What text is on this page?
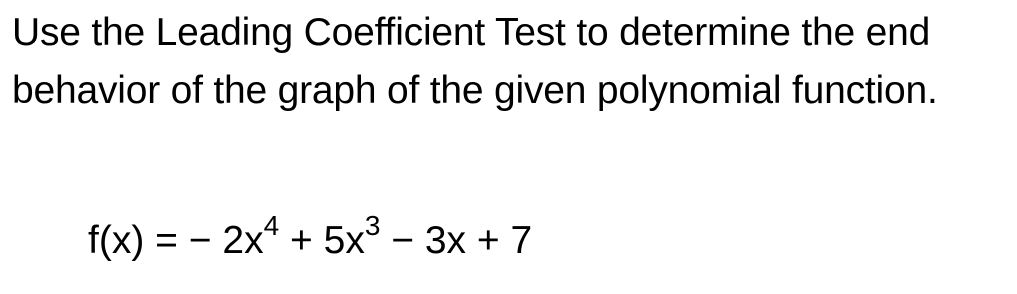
Use the Leading Coefficient Test to determine the end behavior of the graph of the given polynomial function.

f(x) = − $2x^4 + 5x^3 - 3x + 7$
